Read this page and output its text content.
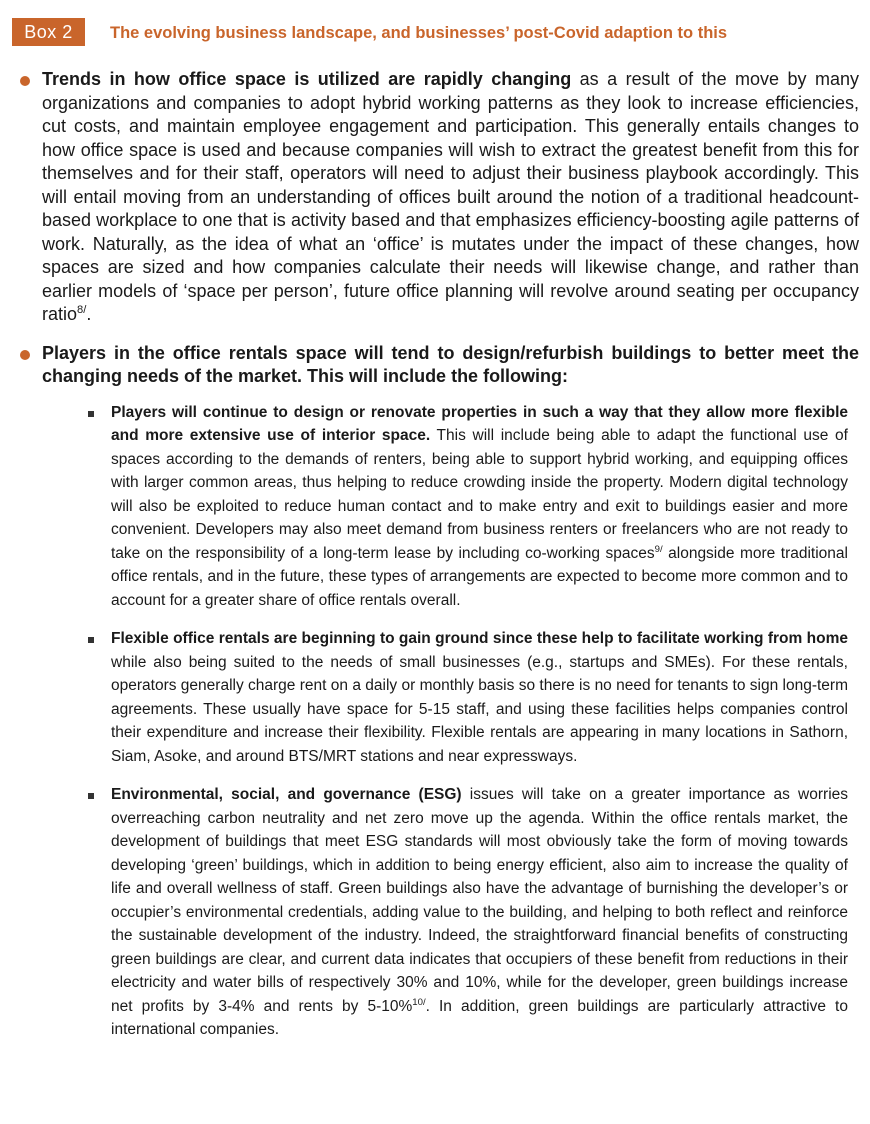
Box 2	The evolving business landscape, and businesses’ post-Covid adaption to this
Trends in how office space is utilized are rapidly changing as a result of the move by many organizations and companies to adopt hybrid working patterns as they look to increase efficiencies, cut costs, and maintain employee engagement and participation. This generally entails changes to how office space is used and because companies will wish to extract the greatest benefit from this for themselves and for their staff, operators will need to adjust their business playbook accordingly. This will entail moving from an understanding of offices built around the notion of a traditional headcount-based workplace to one that is activity based and that emphasizes efficiency-boosting agile patterns of work. Naturally, as the idea of what an ‘office’ is mutates under the impact of these changes, how spaces are sized and how companies calculate their needs will likewise change, and rather than earlier models of ‘space per person’, future office planning will revolve around seating per occupancy ratio$^{8/}$.
Players in the office rentals space will tend to design/refurbish buildings to better meet the changing needs of the market. This will include the following:
Players will continue to design or renovate properties in such a way that they allow more flexible and more extensive use of interior space. This will include being able to adapt the functional use of spaces according to the demands of renters, being able to support hybrid working, and equipping offices with larger common areas, thus helping to reduce crowding inside the property. Modern digital technology will also be exploited to reduce human contact and to make entry and exit to buildings easier and more convenient. Developers may also meet demand from business renters or freelancers who are not ready to take on the responsibility of a long-term lease by including co-working spaces$^{9/}$ alongside more traditional office rentals, and in the future, these types of arrangements are expected to become more common and to account for a greater share of office rentals overall.
Flexible office rentals are beginning to gain ground since these help to facilitate working from home while also being suited to the needs of small businesses (e.g., startups and SMEs). For these rentals, operators generally charge rent on a daily or monthly basis so there is no need for tenants to sign long-term agreements. These usually have space for 5-15 staff, and using these facilities helps companies control their expenditure and increase their flexibility. Flexible rentals are appearing in many locations in Sathorn, Siam, Asoke, and around BTS/MRT stations and near expressways.
Environmental, social, and governance (ESG) issues will take on a greater importance as worries overreaching carbon neutrality and net zero move up the agenda. Within the office rentals market, the development of buildings that meet ESG standards will most obviously take the form of moving towards developing ‘green’ buildings, which in addition to being energy efficient, also aim to increase the quality of life and overall wellness of staff. Green buildings also have the advantage of burnishing the developer’s or occupier’s environmental credentials, adding value to the building, and helping to both reflect and reinforce the sustainable development of the industry. Indeed, the straightforward financial benefits of constructing green buildings are clear, and current data indicates that occupiers of these benefit from reductions in their electricity and water bills of respectively 30% and 10%, while for the developer, green buildings increase net profits by 3-4% and rents by 5-10%$^{10/}$. In addition, green buildings are particularly attractive to international companies.
